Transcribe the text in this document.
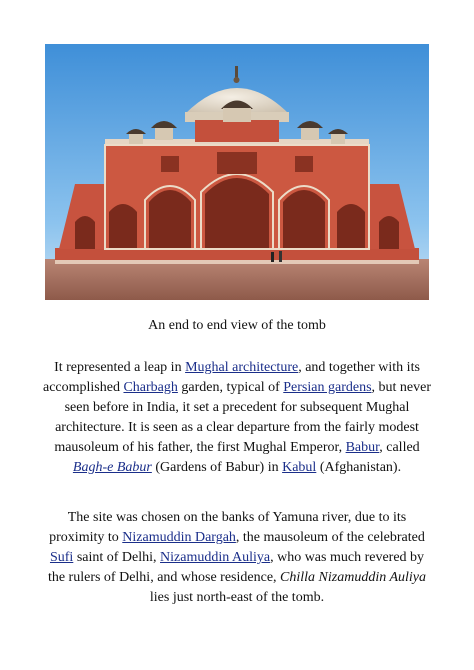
An end to end view of the tomb
It represented a leap in Mughal architecture, and together with its accomplished Charbagh garden, typical of Persian gardens, but never seen before in India, it set a precedent for subsequent Mughal architecture. It is seen as a clear departure from the fairly modest mausoleum of his father, the first Mughal Emperor, Babur, called Bagh-e Babur (Gardens of Babur) in Kabul (Afghanistan).
The site was chosen on the banks of Yamuna river, due to its proximity to Nizamuddin Dargah, the mausoleum of the celebrated Sufi saint of Delhi, Nizamuddin Auliya, who was much revered by the rulers of Delhi, and whose residence, Chilla Nizamuddin Auliya lies just north-east of the tomb.
